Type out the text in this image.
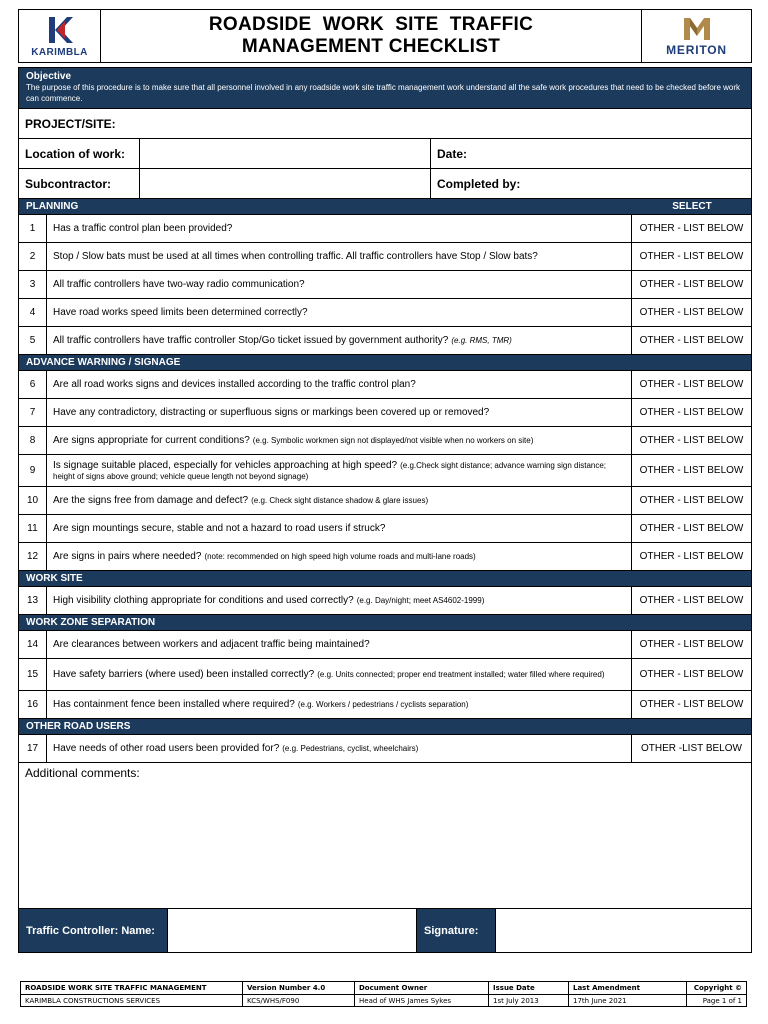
KARIMBLA
ROADSIDE  WORK  SITE  TRAFFIC
MANAGEMENT CHECKLIST	MERITON
Objective
The purpose of this procedure is to make sure that all personnel involved in any roadside work site traffic management work understand all the safe work procedures that need to be checked before work can commence.
PROJECT/SITE:
Location of work:	Date:
Subcontractor:	Completed by:
PLANNING	SELECT
1	Has a traffic control plan been provided?	OTHER - LIST BELOW
2	Stop / Slow bats must be used at all times when controlling traffic. All traffic controllers have Stop / Slow bats?	OTHER - LIST BELOW
3	All traffic controllers have two-way radio communication?	OTHER - LIST BELOW
4	Have road works speed limits been determined correctly?	OTHER - LIST BELOW
5	All traffic controllers have traffic controller Stop/Go ticket issued by government authority? (e.g. RMS, TMR)	OTHER - LIST BELOW
ADVANCE WARNING / SIGNAGE
6	Are all road works signs and devices installed according to the traffic control plan?	OTHER - LIST BELOW
7	Have any contradictory, distracting or superfluous signs or markings been covered up or removed?	OTHER - LIST BELOW
8	Are signs appropriate for current conditions? (e.g. Symbolic workmen sign not displayed/not visible when no workers on site)	OTHER - LIST BELOW
9	Is signage suitable placed, especially for vehicles approaching at high speed? (e.g.Check sight distance; advance warning sign distance; height of signs above ground; vehicle queue length not beyond signage)	OTHER - LIST BELOW
10	Are the signs free from damage and defect? (e.g. Check sight distance shadow & glare issues)	OTHER - LIST BELOW
11	Are sign mountings secure, stable and not a hazard to road users if struck?	OTHER - LIST BELOW
12	Are signs in pairs where needed? (note: recommended on high speed high volume roads and multi-lane roads)	OTHER - LIST BELOW
WORK SITE
13	High visibility clothing appropriate for conditions and used correctly? (e.g. Day/night; meet AS4602-1999)	OTHER - LIST BELOW
WORK ZONE SEPARATION
14	Are clearances between workers and adjacent traffic being maintained?	OTHER - LIST BELOW
15	Have safety barriers (where used) been installed correctly? (e.g. Units connected; proper end treatment installed; water filled where required)	OTHER - LIST BELOW
16	Has containment fence been installed where required? (e.g. Workers / pedestrians / cyclists separation)	OTHER - LIST BELOW
OTHER ROAD USERS
17	Have needs of other road users been provided for? (e.g. Pedestrians, cyclist, wheelchairs)	OTHER -LIST BELOW
Additional comments:
Traffic Controller: Name:	Signature:
ROADSIDE WORK SITE TRAFFIC MANAGEMENT	Version Number 4.0	Document Owner	Issue Date	Last Amendment	Copyright ©
KARIMBLA CONSTRUCTIONS SERVICES	KCS/WHS/F090	Head of WHS James Sykes	1st July 2013	17th June 2021	Page 1 of 1
